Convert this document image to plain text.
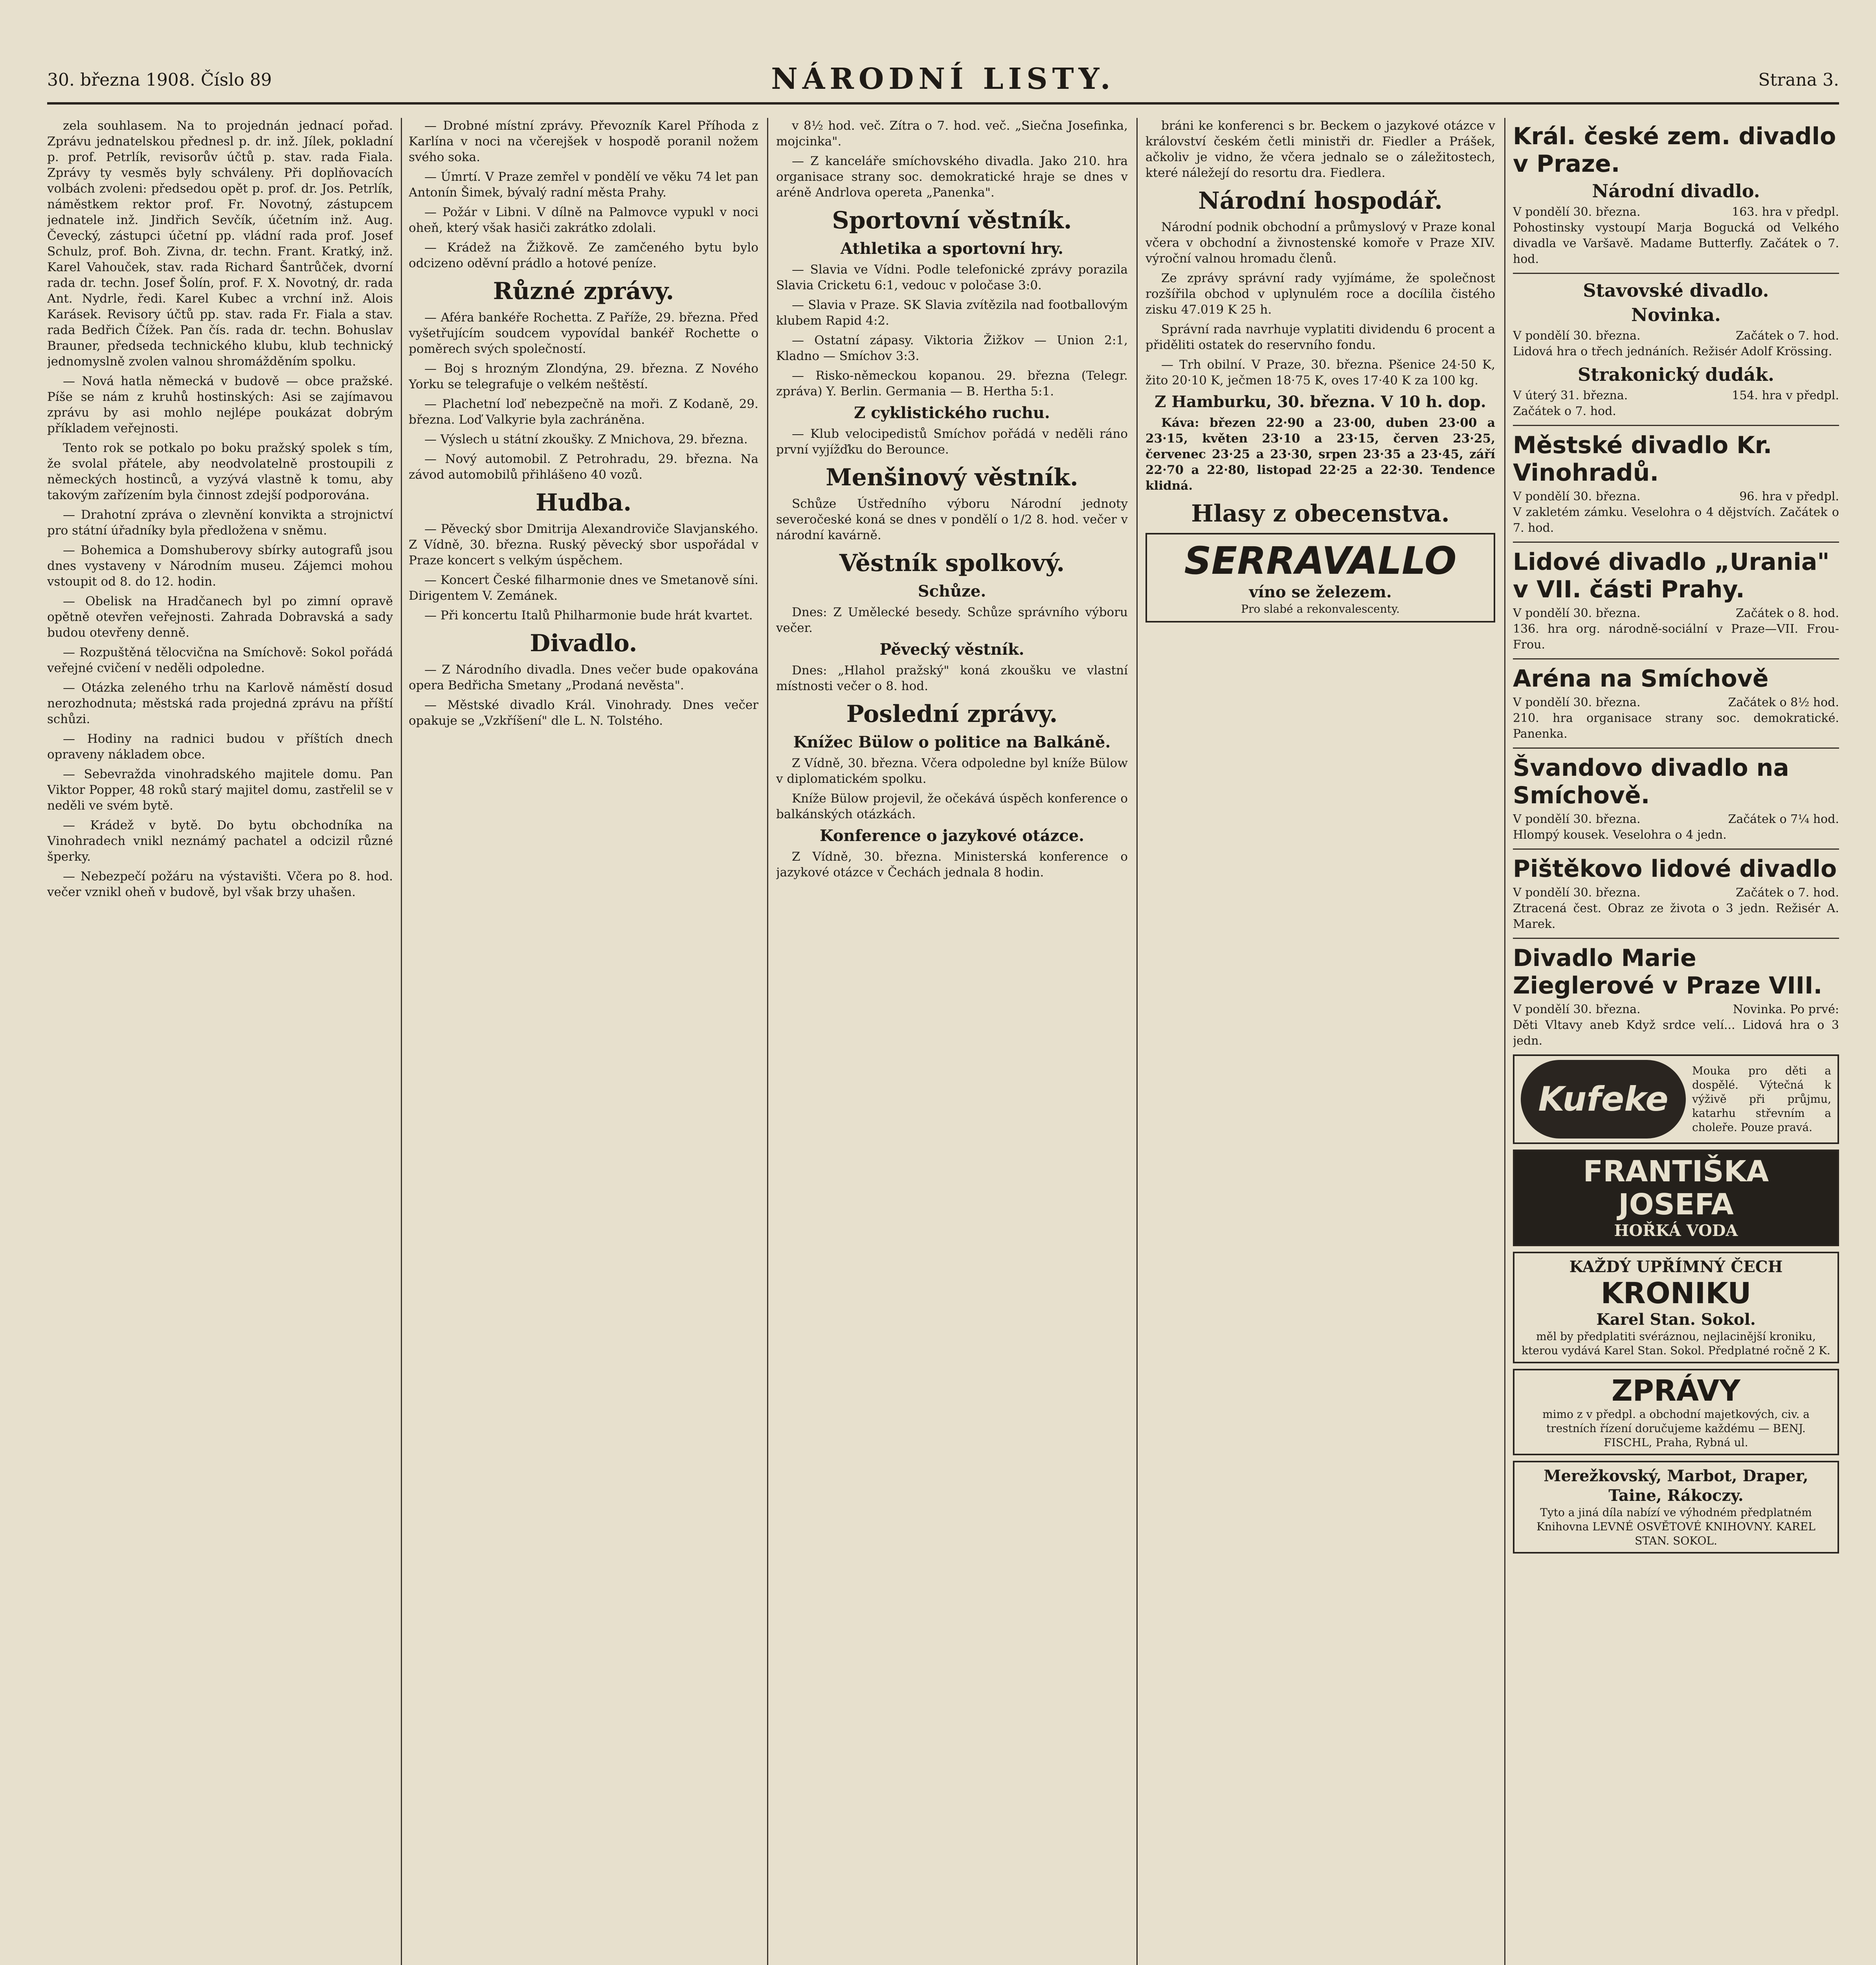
30. března 1908. Číslo 89	NÁRODNÍ LISTY.	Strana 3.

zela souhlasem. Na to projednán jednací pořad. Zprávu jednatelskou přednesl p. dr. inž. Jílek, pokladní p. prof. Petrlík, revisorův účtů p. stav. rada Fiala. Zprávy ty vesměs byly schváleny. Při doplňovacích volbách zvoleni: předsedou opět p. prof. dr. Jos. Petrlík, náměstkem rektor prof. Fr. Novotný, zástupcem jednatele inž. Jindřich Sevčík, účetním inž. Aug. Čevecký, zástupci účetní pp. vládní rada prof. Josef Schulz, prof. Boh. Zivna, dr. techn. Frant. Kratký, inž. Karel Vahouček, stav. rada Richard Šantrůček, dvorní rada dr. techn. Josef Šolín, prof. F. X. Novotný, dr. rada Ant. Nydrle, ředi. Karel Kubec a vrchní inž. Alois Karásek. Revisory účtů pp. stav. rada Fr. Fiala a stav. rada Bedřich Čížek. Pan čís. rada dr. techn. Bohuslav Brauner, předseda technického klubu, klub technický jednomyslně zvolen valnou shromážděním spolku.

— Nová hatla německá v budově — obce pražské. Píše se nám z kruhů hostinských: Asi se zajímavou zprávu by asi mohlo nejlépe poukázat dobrým příkladem veřejnosti.

Tento rok se potkalo po boku pražský spolek s tím, že svolal přátele, aby neodvolatelně prostoupili z německých hostinců, a vyzývá vlastně k tomu, aby takovým zařízením byla činnost zdejší podporována.

— Drahotní zpráva o zlevnění konvikta a strojnictví pro státní úřadníky byla předložena v sněmu.

— Bohemica a Domshuberovy sbírky autografů jsou dnes vystaveny v Národním museu. Zájemci mohou vstoupit od 8. do 12. hodin.

— Obelisk na Hradčanech byl po zimní opravě opětně otevřen veřejnosti. Zahrada Dobravská a sady budou otevřeny denně.

— Rozpuštěná tělocvična na Smíchově: Sokol pořádá veřejné cvičení v neděli odpoledne.

— Otázka zeleného trhu na Karlově náměstí dosud nerozhodnuta; městská rada projedná zprávu na příští schůzi.

— Hodiny na radnici budou v příštích dnech opraveny nákladem obce.

— Sebevražda vinohradského majitele domu. Pan Viktor Popper, 48 roků starý majitel domu, zastřelil se v neděli ve svém bytě.

— Krádež v bytě. Do bytu obchodníka na Vinohradech vnikl neznámý pachatel a odcizil různé šperky.

— Nebezpečí požáru na výstavišti. Včera po 8. hod. večer vznikl oheň v budově, byl však brzy uhašen.

— Drobné místní zprávy. Převozník Karel Příhoda z Karlína v noci na včerejšek v hospodě poranil nožem svého soka.

— Úmrtí. V Praze zemřel v pondělí ve věku 74 let pan Antonín Šimek, bývalý radní města Prahy.

— Požár v Libni. V dílně na Palmovce vypukl v noci oheň, který však hasiči zakrátko zdolali.

— Krádež na Žižkově. Ze zamčeného bytu bylo odcizeno oděvní prádlo a hotové peníze.

Různé zprávy.

— Aféra bankéře Rochetta. Z Paříže, 29. března. Před vyšetřujícím soudcem vypovídal bankéř Rochette o poměrech svých společností.

— Boj s hrozným Zlondýna, 29. března. Z Nového Yorku se telegrafuje o velkém neštěstí.

— Plachetní loď nebezpečně na moři. Z Kodaně, 29. března. Loď Valkyrie byla zachráněna.

— Výslech u státní zkoušky. Z Mnichova, 29. března.

— Nový automobil. Z Petrohradu, 29. března. Na závod automobilů přihlášeno 40 vozů.

Hudba.

— Pěvecký sbor Dmitrija Alexandroviče Slavjanského. Z Vídně, 30. března. Ruský pěvecký sbor uspořádal v Praze koncert s velkým úspěchem.

— Koncert České filharmonie dnes ve Smetanově síni. Dirigentem V. Zemánek.

— Při koncertu Italů Philharmonie bude hrát kvartet.

Divadlo.

— Z Národního divadla. Dnes večer bude opakována opera Bedřicha Smetany „Prodaná nevěsta".

— Městské divadlo Král. Vinohrady. Dnes večer opakuje se „Vzkříšení" dle L. N. Tolstého.

v 8½ hod. več. Zítra o 7. hod. več. „Siečna Josefinka, mojcinka".

— Z kanceláře smíchovského divadla. Jako 210. hra organisace strany soc. demokratické hraje se dnes v aréně Andrlova opereta „Panenka".

Sportovní věstník.
Athletika a sportovní hry.

— Slavia ve Vídni. Podle telefonické zprávy porazila Slavia Cricketu 6:1, vedouc v poločase 3:0.

— Slavia v Praze. SK Slavia zvítězila nad footballovým klubem Rapid 4:2.

— Ostatní zápasy. Viktoria Žižkov — Union 2:1, Kladno — Smíchov 3:3.

— Risko-německou kopanou. 29. března (Telegr. zpráva) Y. Berlin. Germania — B. Hertha 5:1.

Z cyklistického ruchu.

— Klub velocipedistů Smíchov pořádá v neděli ráno první vyjížďku do Berounce.

Menšinový věstník.

Schůze Ústředního výboru Národní jednoty severočeské koná se dnes v pondělí o 1/2 8. hod. večer v národní kavárně.

Věstník spolkový.
Schůze.

Dnes: Z Umělecké besedy. Schůze správního výboru večer.

Pěvecký věstník.

Dnes: „Hlahol pražský" koná zkoušku ve vlastní místnosti večer o 8. hod.

Poslední zprávy.
Knížec Bülow o politice na Balkáně.

Z Vídně, 30. března. Včera odpoledne byl kníže Bülow v diplomatickém spolku.

Kníže Bülow projevil, že očekává úspěch konference o balkánských otázkách.

Konference o jazykové otázce.

Z Vídně, 30. března. Ministerská konference o jazykové otázce v Čechách jednala 8 hodin.

bráni ke konferenci s br. Beckem o jazykové otázce v království českém četli ministři dr. Fiedler a Prášek, ačkoliv je vidno, že včera jednalo se o záležitostech, které náležejí do resortu dra. Fiedlera.

Národní hospodář.

Národní podnik obchodní a průmyslový v Praze konal včera v obchodní a živnostenské komoře v Praze XIV. výroční valnou hromadu členů.

Ze zprávy správní rady vyjímáme, že společnost rozšířila obchod v uplynulém roce a docílila čistého zisku 47.019 K 25 h.

Správní rada navrhuje vyplatiti dividendu 6 procent a přiděliti ostatek do reservního fondu.

— Trh obilní. V Praze, 30. března. Pšenice 24·50 K, žito 20·10 K, ječmen 18·75 K, oves 17·40 K za 100 kg.

Z Hamburku, 30. března. V 10 h. dop.

Káva: březen 22·90 a 23·00, duben 23·00 a 23·15, květen 23·10 a 23·15, červen 23·25, červenec 23·25 a 23·30, srpen 23·35 a 23·45, září 22·70 a 22·80, listopad 22·25 a 22·30. Tendence klidná.

Hlasy z obecenstva.
SERRAVALLO
víno se železem.
Pro slabé a rekonvalescenty.
Král. české zem. divadlo v Praze.
Národní divadlo.
V pondělí 30. března.	163. hra v předpl.

Pohostinsky vystoupí Marja Bogucká od Velkého divadla ve Varšavě. Madame Butterfly. Začátek o 7. hod.

Stavovské divadlo.
Novinka.
V pondělí 30. března.	Začátek o 7. hod.

Lidová hra o třech jednáních. Režisér Adolf Krössing.

Strakonický dudák.
V úterý 31. března.	154. hra v předpl.

Začátek o 7. hod.

Městské divadlo Kr. Vinohradů.
V pondělí 30. března.	96. hra v předpl.

V zakletém zámku. Veselohra o 4 dějstvích. Začátek o 7. hod.

Lidové divadlo „Urania" v VII. části Prahy.
V pondělí 30. března.	Začátek o 8. hod.

136. hra org. národně-sociální v Praze—VII. Frou-Frou.

Aréna na Smíchově
V pondělí 30. března.	Začátek o 8½ hod.

210. hra organisace strany soc. demokratické. Panenka.

Švandovo divadlo na Smíchově.
V pondělí 30. března.	Začátek o 7¼ hod.

Hlompý kousek. Veselohra o 4 jedn.

Pištěkovo lidové divadlo
V pondělí 30. března.	Začátek o 7. hod.

Ztracená čest. Obraz ze života o 3 jedn. Režisér A. Marek.

Divadlo Marie Zieglerové v Praze VIII.
V pondělí 30. března.	Novinka. Po prvé:

Děti Vltavy aneb Když srdce velí... Lidová hra o 3 jedn.

Kufeke
Mouka pro děti a dospělé. Výtečná k výživě při průjmu, katarhu střevním a choleře. Pouze pravá.
FRANTIŠKA JOSEFA
HOŘKÁ VODA
KAŽDÝ UPŘÍMNÝ ČECH
KRONIKU
Karel Stan. Sokol.
měl by předplatiti svéráznou, nejlacinější kroniku, kterou vydává Karel Stan. Sokol. Předplatné ročně 2 K.
ZPRÁVY
mimo z v předpl. a obchodní majetkových, civ. a trestních řízení doručujeme každému — BENJ. FISCHL, Praha, Rybná ul.
Merežkovský, Marbot, Draper, Taine, Rákoczy.
Tyto a jiná díla nabízí ve výhodném předplatném Knihovna LEVNÉ OSVĚTOVÉ KNIHOVNY. KAREL STAN. SOKOL.
